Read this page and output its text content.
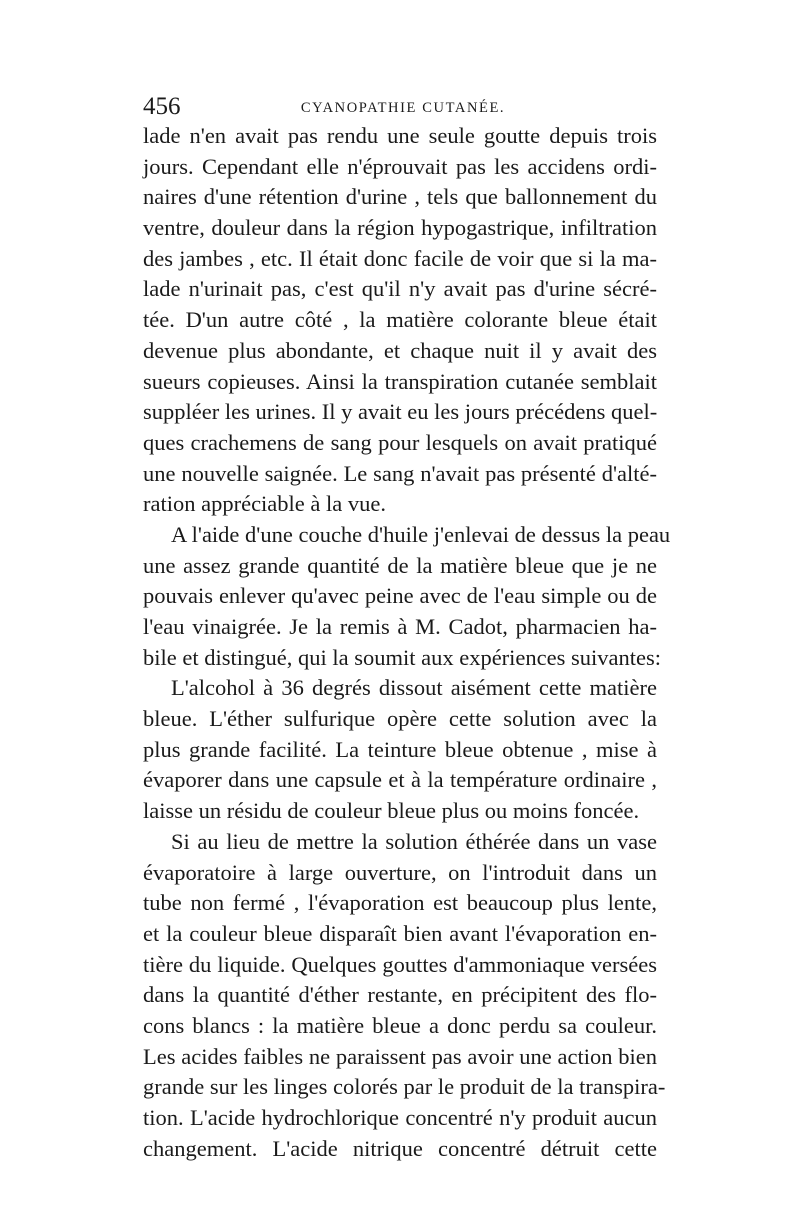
456	CYANOPATHIE CUTANÉE.
lade n'en avait pas rendu une seule goutte depuis trois
jours. Cependant elle n'éprouvait pas les accidens ordi-
naires d'une rétention d'urine , tels que ballonnement du
ventre, douleur dans la région hypogastrique, infiltration
des jambes , etc. Il était donc facile de voir que si la ma-
lade n'urinait pas, c'est qu'il n'y avait pas d'urine sécré-
tée. D'un autre côté , la matière colorante bleue était
devenue plus abondante, et chaque nuit il y avait des
sueurs copieuses. Ainsi la transpiration cutanée semblait
suppléer les urines. Il y avait eu les jours précédens quel-
ques crachemens de sang pour lesquels on avait pratiqué
une nouvelle saignée. Le sang n'avait pas présenté d'alté-
ration appréciable à la vue.
A l'aide d'une couche d'huile j'enlevai de dessus la peau
une assez grande quantité de la matière bleue que je ne
pouvais enlever qu'avec peine avec de l'eau simple ou de
l'eau vinaigrée. Je la remis à M. Cadot, pharmacien ha-
bile et distingué, qui la soumit aux expériences suivantes:
L'alcohol à 36 degrés dissout aisément cette matière
bleue. L'éther sulfurique opère cette solution avec la
plus grande facilité. La teinture bleue obtenue , mise à
évaporer dans une capsule et à la température ordinaire ,
laisse un résidu de couleur bleue plus ou moins foncée.
Si au lieu de mettre la solution éthérée dans un vase
évaporatoire à large ouverture, on l'introduit dans un
tube non fermé , l'évaporation est beaucoup plus lente,
et la couleur bleue disparaît bien avant l'évaporation en-
tière du liquide. Quelques gouttes d'ammoniaque versées
dans la quantité d'éther restante, en précipitent des flo-
cons blancs : la matière bleue a donc perdu sa couleur.
Les acides faibles ne paraissent pas avoir une action bien
grande sur les linges colorés par le produit de la transpira-
tion. L'acide hydrochlorique concentré n'y produit aucun
changement. L'acide nitrique concentré détruit cette
